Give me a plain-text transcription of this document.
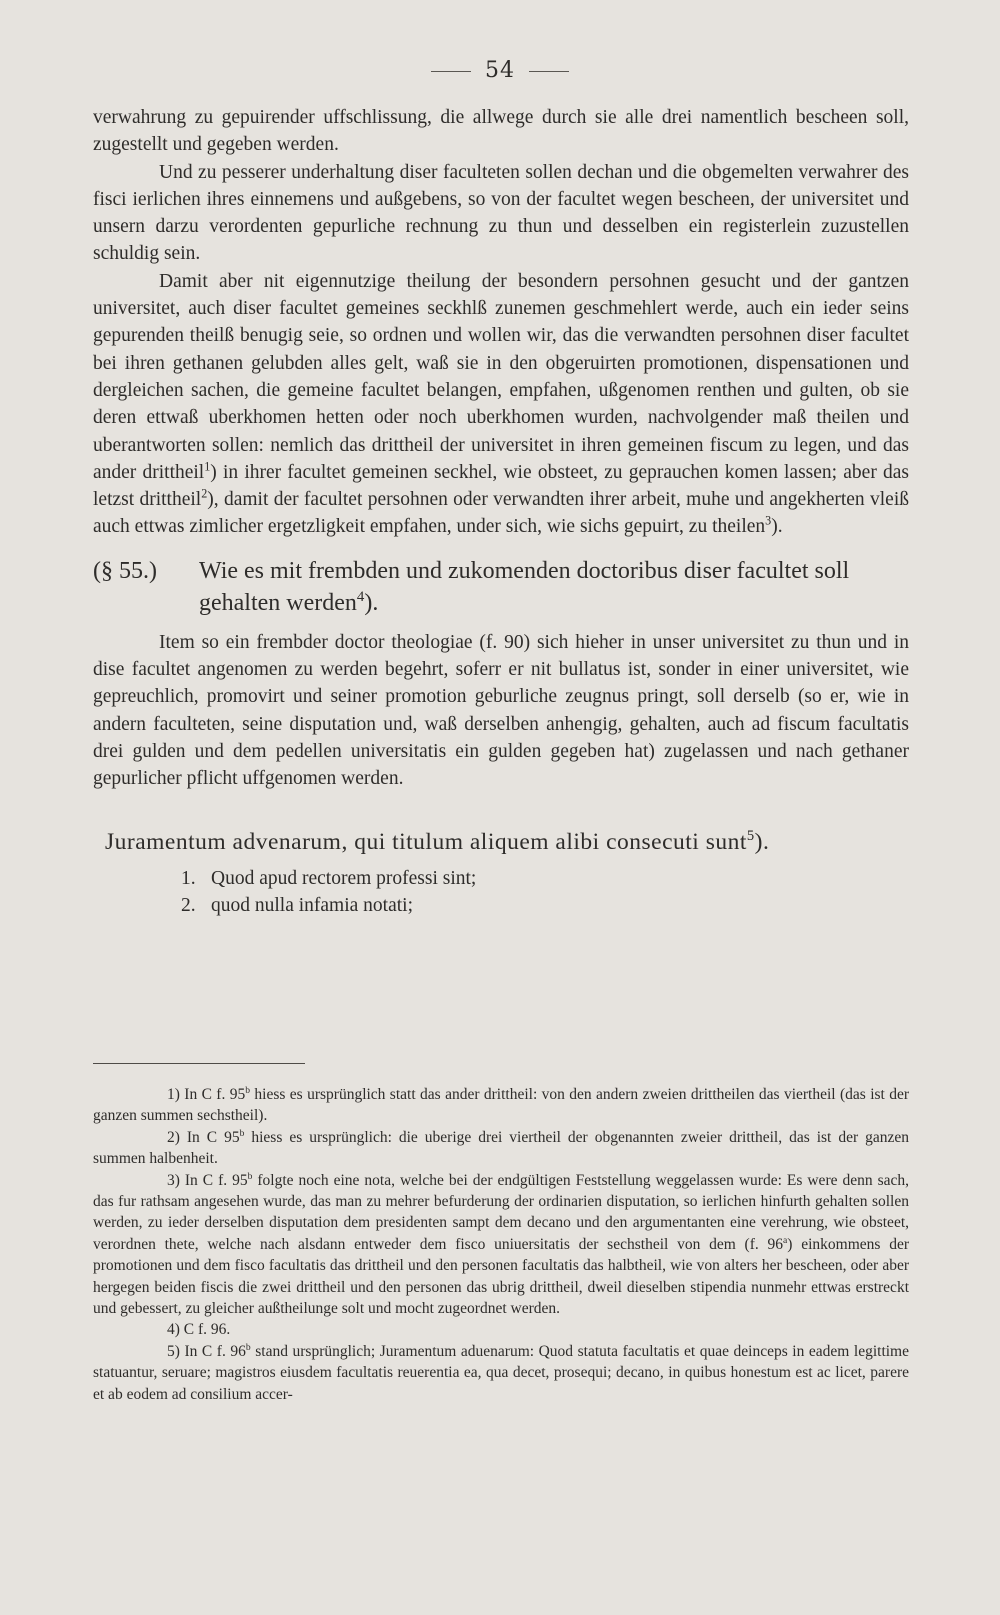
54

verwahrung zu gepuirender uffschlissung, die allwege durch sie alle drei namentlich bescheen soll, zugestellt und gegeben werden.

Und zu pesserer underhaltung diser faculteten sollen dechan und die obgemelten verwahrer des fisci ierlichen ihres einnemens und außgebens, so von der facultet wegen bescheen, der universitet und unsern darzu verordenten gepurliche rechnung zu thun und desselben ein registerlein zuzustellen schuldig sein.

Damit aber nit eigennutzige theilung der besondern persohnen gesucht und der gantzen universitet, auch diser facultet gemeines seckhlß zunemen geschmehlert werde, auch ein ieder seins gepurenden theilß benugig seie, so ordnen und wollen wir, das die verwandten persohnen diser facultet bei ihren gethanen gelubden alles gelt, waß sie in den obgeruirten promotionen, dispensationen und dergleichen sachen, die gemeine facultet belangen, empfahen, ußgenomen renthen und gulten, ob sie deren ettwaß uberkhomen hetten oder noch uberkhomen wurden, nachvolgender maß theilen und uberantworten sollen: nemlich das drittheil der universitet in ihren gemeinen fiscum zu legen, und das ander drittheil$^1$) in ihrer facultet gemeinen seckhel, wie obsteet, zu geprauchen komen lassen; aber das letzst drittheil$^2$), damit der facultet persohnen oder verwandten ihrer arbeit, muhe und angekherten vleiß auch ettwas zimlicher ergetzligkeit empfahen, under sich, wie sichs gepuirt, zu theilen$^3$).

(§ 55.)	Wie es mit frembden und zukomenden doctoribus diser facultet soll gehalten werden$^4$).

Item so ein frembder doctor theologiae (f. 90) sich hieher in unser universitet zu thun und in dise facultet angenomen zu werden begehrt, soferr er nit bullatus ist, sonder in einer universitet, wie gepreuchlich, promovirt und seiner promotion geburliche zeugnus pringt, soll derselb (so er, wie in andern faculteten, seine disputation und, waß derselben anhengig, gehalten, auch ad fiscum facultatis drei gulden und dem pedellen universitatis ein gulden gegeben hat) zugelassen und nach gethaner gepurlicher pflicht uffgenomen werden.

Juramentum advenarum, qui titulum aliquem alibi consecuti sunt$^5$).
1. Quod apud rectorem professi sint;
2. quod nulla infamia notati;

1) In C f. 95$^b$ hiess es ursprünglich statt das ander drittheil: von den andern zweien drittheilen das viertheil (das ist der ganzen summen sechstheil).

2) In C 95$^b$ hiess es ursprünglich: die uberige drei viertheil der obgenannten zweier drittheil, das ist der ganzen summen halbenheit.

3) In C f. 95$^b$ folgte noch eine nota, welche bei der endgültigen Feststellung weggelassen wurde: Es were denn sach, das fur rathsam angesehen wurde, das man zu mehrer befurderung der ordinarien disputation, so ierlichen hinfurth gehalten sollen werden, zu ieder derselben disputation dem presidenten sampt dem decano und den argumentanten eine verehrung, wie obsteet, verordnen thete, welche nach alsdann entweder dem fisco uniuersitatis der sechstheil von dem (f. 96$^a$) einkommens der promotionen und dem fisco facultatis das drittheil und den personen facultatis das halbtheil, wie von alters her bescheen, oder aber hergegen beiden fiscis die zwei drittheil und den personen das ubrig drittheil, dweil dieselben stipendia nunmehr ettwas erstreckt und gebessert, zu gleicher außtheilunge solt und mocht zugeordnet werden.

4) C f. 96.

5) In C f. 96$^b$ stand ursprünglich; Juramentum aduenarum: Quod statuta facultatis et quae deinceps in eadem legittime statuantur, seruare; magistros eiusdem facultatis reuerentia ea, qua decet, prosequi; decano, in quibus honestum est ac licet, parere et ab eodem ad consilium accer-
